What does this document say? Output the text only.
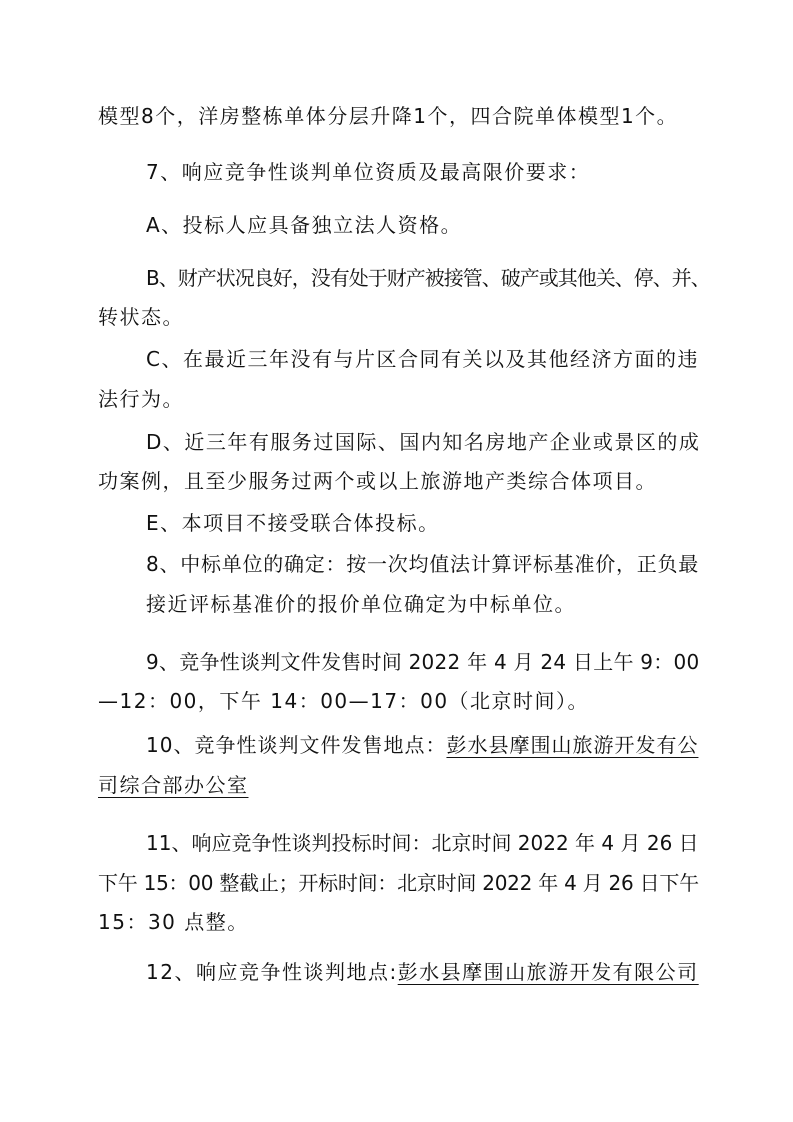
模型8个，洋房整栋单体分层升降1个，四合院单体模型1个。
7、响应竞争性谈判单位资质及最高限价要求：
A、投标人应具备独立法人资格。
B、财产状况良好，没有处于财产被接管、破产或其他关、停、并、
转状态。
C、在最近三年没有与片区合同有关以及其他经济方面的违
法行为。
D、近三年有服务过国际、国内知名房地产企业或景区的成
功案例，且至少服务过两个或以上旅游地产类综合体项目。
E、本项目不接受联合体投标。
8、中标单位的确定：按一次均值法计算评标基准价，正负最
接近评标基准价的报价单位确定为中标单位。
9、竞争性谈判文件发售时间 2022 年 4 月 24 日上午 9：00
—12：00，下午 14：00—17：00（北京时间）。
10、竞争性谈判文件发售地点：彭水县摩围山旅游开发有公
司综合部办公室
11、响应竞争性谈判投标时间：北京时间 2022 年 4 月 26 日
下午 15：00 整截止；开标时间：北京时间 2022 年 4 月 26 日下午
15：30 点整。
12、响应竞争性谈判地点:彭水县摩围山旅游开发有限公司
